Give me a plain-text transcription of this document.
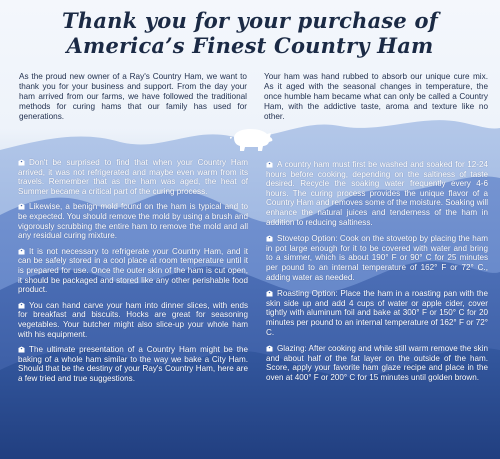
Thank you for your purchase of
America’s Finest Country Ham

As the proud new owner of a Ray's Country Ham, we want to thank you for your business and support. From the day your ham arrived from our farms, we have followed the traditional methods for curing hams that our family has used for generations.

Your ham was hand rubbed to absorb our unique cure mix. As it aged with the seasonal changes in temperature, the once humble ham became what can only be called a Country Ham, with the addictive taste, aroma and texture like no other.

Don't be surprised to find that when your Country Ham arrived, it was not refrigerated and maybe even warm from its travels. Remember that as the ham was aged, the heat of Summer became a critical part of the curing process.

Likewise, a benign mold found on the ham is typical and to be expected. You should remove the mold by using a brush and vigorously scrubbing the entire ham to remove the mold and all any residual curing mixture.

It is not necessary to refrigerate your Country Ham, and it can be safely stored in a cool place at room temperature until it is prepared for use. Once the outer skin of the ham is cut open, it should be packaged and stored like any other perishable food product.

You can hand carve your ham into dinner slices, with ends for breakfast and biscuits. Hocks are great for seasoning vegetables. Your butcher might also slice-up your whole ham with his equipment.

The ultimate presentation of a Country Ham might be the baking of a whole ham similar to the way we bake a City Ham. Should that be the destiny of your Ray's Country Ham, here are a few tried and true suggestions.

A country ham must first be washed and soaked for 12-24 hours before cooking, depending on the saltiness of taste desired. Recycle the soaking water frequently every 4-6 hours. The curing process provides the unique flavor of a Country Ham and removes some of the moisture. Soaking will enhance the natural juices and tenderness of the ham in addition to reducing saltiness.

Stovetop Option: Cook on the stovetop by placing the ham in pot large enough for it to be covered with water and bring to a simmer, which is about 190° F or 90° C for 25 minutes per pound to an internal temperature of 162° F or 72° C., adding water as needed.

Roasting Option: Place the ham in a roasting pan with the skin side up and add 4 cups of water or apple cider, cover tightly with aluminum foil and bake at 300° F or 150° C for 20 minutes per pound to an internal temperature of 162° F or 72° C.

Glazing: After cooking and while still warm remove the skin and about half of the fat layer on the outside of the ham. Score, apply your favorite ham glaze recipe and place in the oven at 400° F or 200° C for 15 minutes until golden brown.
